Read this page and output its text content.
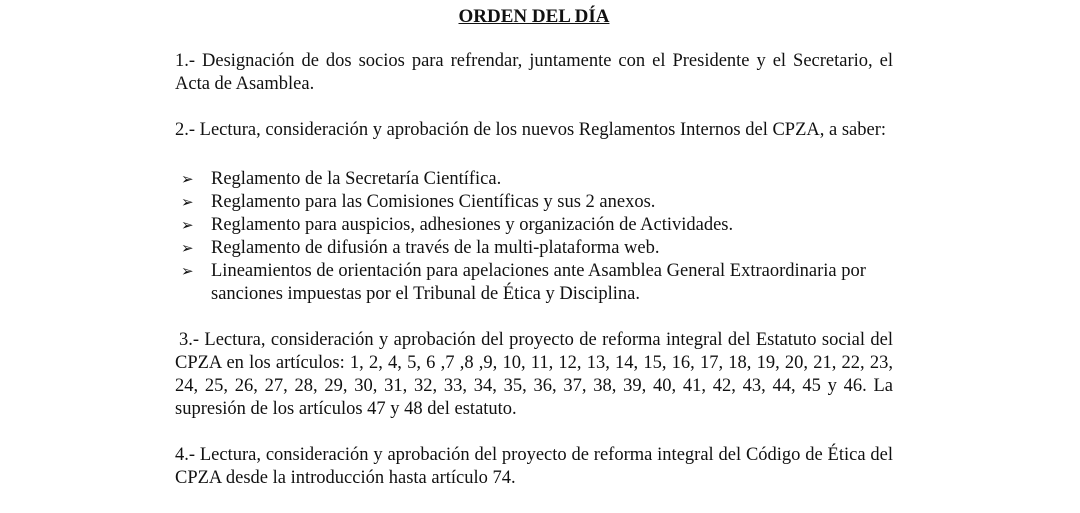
ORDEN DEL DÍA

1.- Designación de dos socios para refrendar, juntamente con el Presidente y el Secretario, el Acta de Asamblea.

2.- Lectura, consideración y aprobación de los nuevos Reglamentos Internos del CPZA, a saber:

➢ Reglamento de la Secretaría Científica.
➢ Reglamento para las Comisiones Científicas y sus 2 anexos.
➢ Reglamento para auspicios, adhesiones y organización de Actividades.
➢ Reglamento de difusión a través de la multi-plataforma web.
➢ Lineamientos de orientación para apelaciones ante Asamblea General Extraordinaria por sanciones impuestas por el Tribunal de Ética y Disciplina.

3.- Lectura, consideración y aprobación del proyecto de reforma integral del Estatuto social del CPZA en los artículos: 1, 2, 4, 5, 6 ,7 ,8 ,9, 10, 11, 12, 13, 14, 15, 16, 17, 18, 19, 20, 21, 22, 23, 24, 25, 26, 27, 28, 29, 30, 31, 32, 33, 34, 35, 36, 37, 38, 39, 40, 41, 42, 43, 44, 45 y 46. La supresión de los artículos 47 y 48 del estatuto.

4.- Lectura, consideración y aprobación del proyecto de reforma integral del Código de Ética del CPZA desde la introducción hasta artículo 74.
